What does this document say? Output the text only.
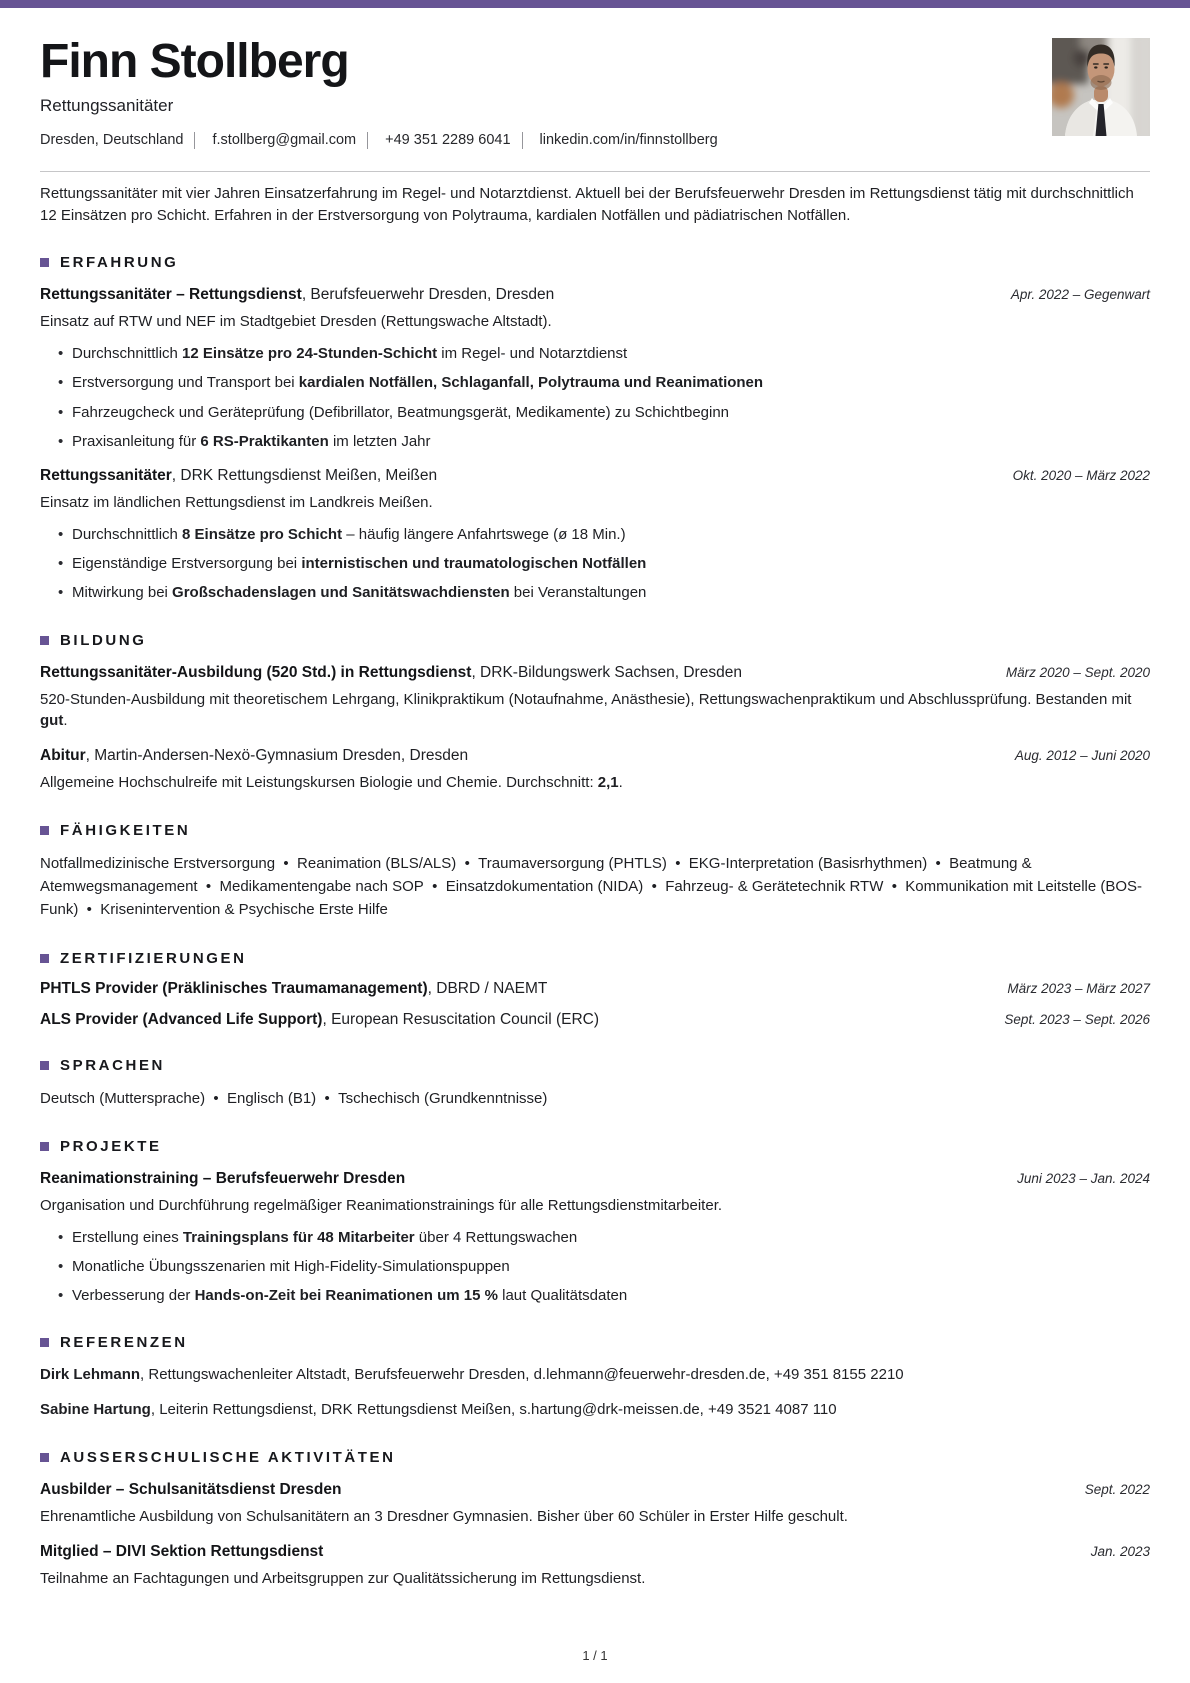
Finn Stollberg
Rettungssanitäter
Dresden, Deutschland f.stollberg@gmail.com +49 351 2289 6041 linkedin.com/in/finnstollberg

Rettungssanitäter mit vier Jahren Einsatzerfahrung im Regel- und Notarztdienst. Aktuell bei der Berufsfeuerwehr Dresden im Rettungsdienst tätig mit durchschnittlich 12 Einsätzen pro Schicht. Erfahren in der Erstversorgung von Polytrauma, kardialen Notfällen und pädiatrischen Notfällen.

ERFAHRUNG
Rettungssanitäter – Rettungsdienst, Berufsfeuerwehr Dresden, Dresden	Apr. 2022 – Gegenwart

Einsatz auf RTW und NEF im Stadtgebiet Dresden (Rettungswache Altstadt).

• Durchschnittlich 12 Einsätze pro 24-Stunden-Schicht im Regel- und Notarztdienst
• Erstversorgung und Transport bei kardialen Notfällen, Schlaganfall, Polytrauma und Reanimationen
• Fahrzeugcheck und Geräteprüfung (Defibrillator, Beatmungsgerät, Medikamente) zu Schichtbeginn
• Praxisanleitung für 6 RS-Praktikanten im letzten Jahr
Rettungssanitäter, DRK Rettungsdienst Meißen, Meißen	Okt. 2020 – März 2022

Einsatz im ländlichen Rettungsdienst im Landkreis Meißen.

• Durchschnittlich 8 Einsätze pro Schicht – häufig längere Anfahrtswege (ø 18 Min.)
• Eigenständige Erstversorgung bei internistischen und traumatologischen Notfällen
• Mitwirkung bei Großschadenslagen und Sanitätswachdiensten bei Veranstaltungen
BILDUNG
Rettungssanitäter-Ausbildung (520 Std.) in Rettungsdienst, DRK-Bildungswerk Sachsen, Dresden	März 2020 – Sept. 2020

520-Stunden-Ausbildung mit theoretischem Lehrgang, Klinikpraktikum (Notaufnahme, Anästhesie), Rettungswachenpraktikum und Abschlussprüfung. Bestanden mit gut.

Abitur, Martin-Andersen-Nexö-Gymnasium Dresden, Dresden	Aug. 2012 – Juni 2020

Allgemeine Hochschulreife mit Leistungskursen Biologie und Chemie. Durchschnitt: 2,1.

FÄHIGKEITEN

Notfallmedizinische Erstversorgung  •  Reanimation (BLS/ALS)  •  Traumaversorgung (PHTLS)  •  EKG-Interpretation (Basisrhythmen)  •  Beatmung & Atemwegsmanagement  •  Medikamentengabe nach SOP  •  Einsatzdokumentation (NIDA)  •  Fahrzeug- & Gerätetechnik RTW  •  Kommunikation mit Leitstelle (BOS-Funk)  •  Krisenintervention & Psychische Erste Hilfe

ZERTIFIZIERUNGEN
PHTLS Provider (Präklinisches Traumamanagement), DBRD / NAEMT	März 2023 – März 2027
ALS Provider (Advanced Life Support), European Resuscitation Council (ERC)	Sept. 2023 – Sept. 2026
SPRACHEN

Deutsch (Muttersprache)  •  Englisch (B1)  •  Tschechisch (Grundkenntnisse)

PROJEKTE
Reanimationstraining – Berufsfeuerwehr Dresden	Juni 2023 – Jan. 2024

Organisation und Durchführung regelmäßiger Reanimationstrainings für alle Rettungsdienstmitarbeiter.

• Erstellung eines Trainingsplans für 48 Mitarbeiter über 4 Rettungswachen
• Monatliche Übungsszenarien mit High-Fidelity-Simulationspuppen
• Verbesserung der Hands-on-Zeit bei Reanimationen um 15 % laut Qualitätsdaten
REFERENZEN

Dirk Lehmann, Rettungswachenleiter Altstadt, Berufsfeuerwehr Dresden, d.lehmann@feuerwehr-dresden.de, +49 351 8155 2210

Sabine Hartung, Leiterin Rettungsdienst, DRK Rettungsdienst Meißen, s.hartung@drk-meissen.de, +49 3521 4087 110

AUSSERSCHULISCHE AKTIVITÄTEN
Ausbilder – Schulsanitätsdienst Dresden	Sept. 2022

Ehrenamtliche Ausbildung von Schulsanitätern an 3 Dresdner Gymnasien. Bisher über 60 Schüler in Erster Hilfe geschult.

Mitglied – DIVI Sektion Rettungsdienst	Jan. 2023

Teilnahme an Fachtagungen und Arbeitsgruppen zur Qualitätssicherung im Rettungsdienst.

1 / 1
